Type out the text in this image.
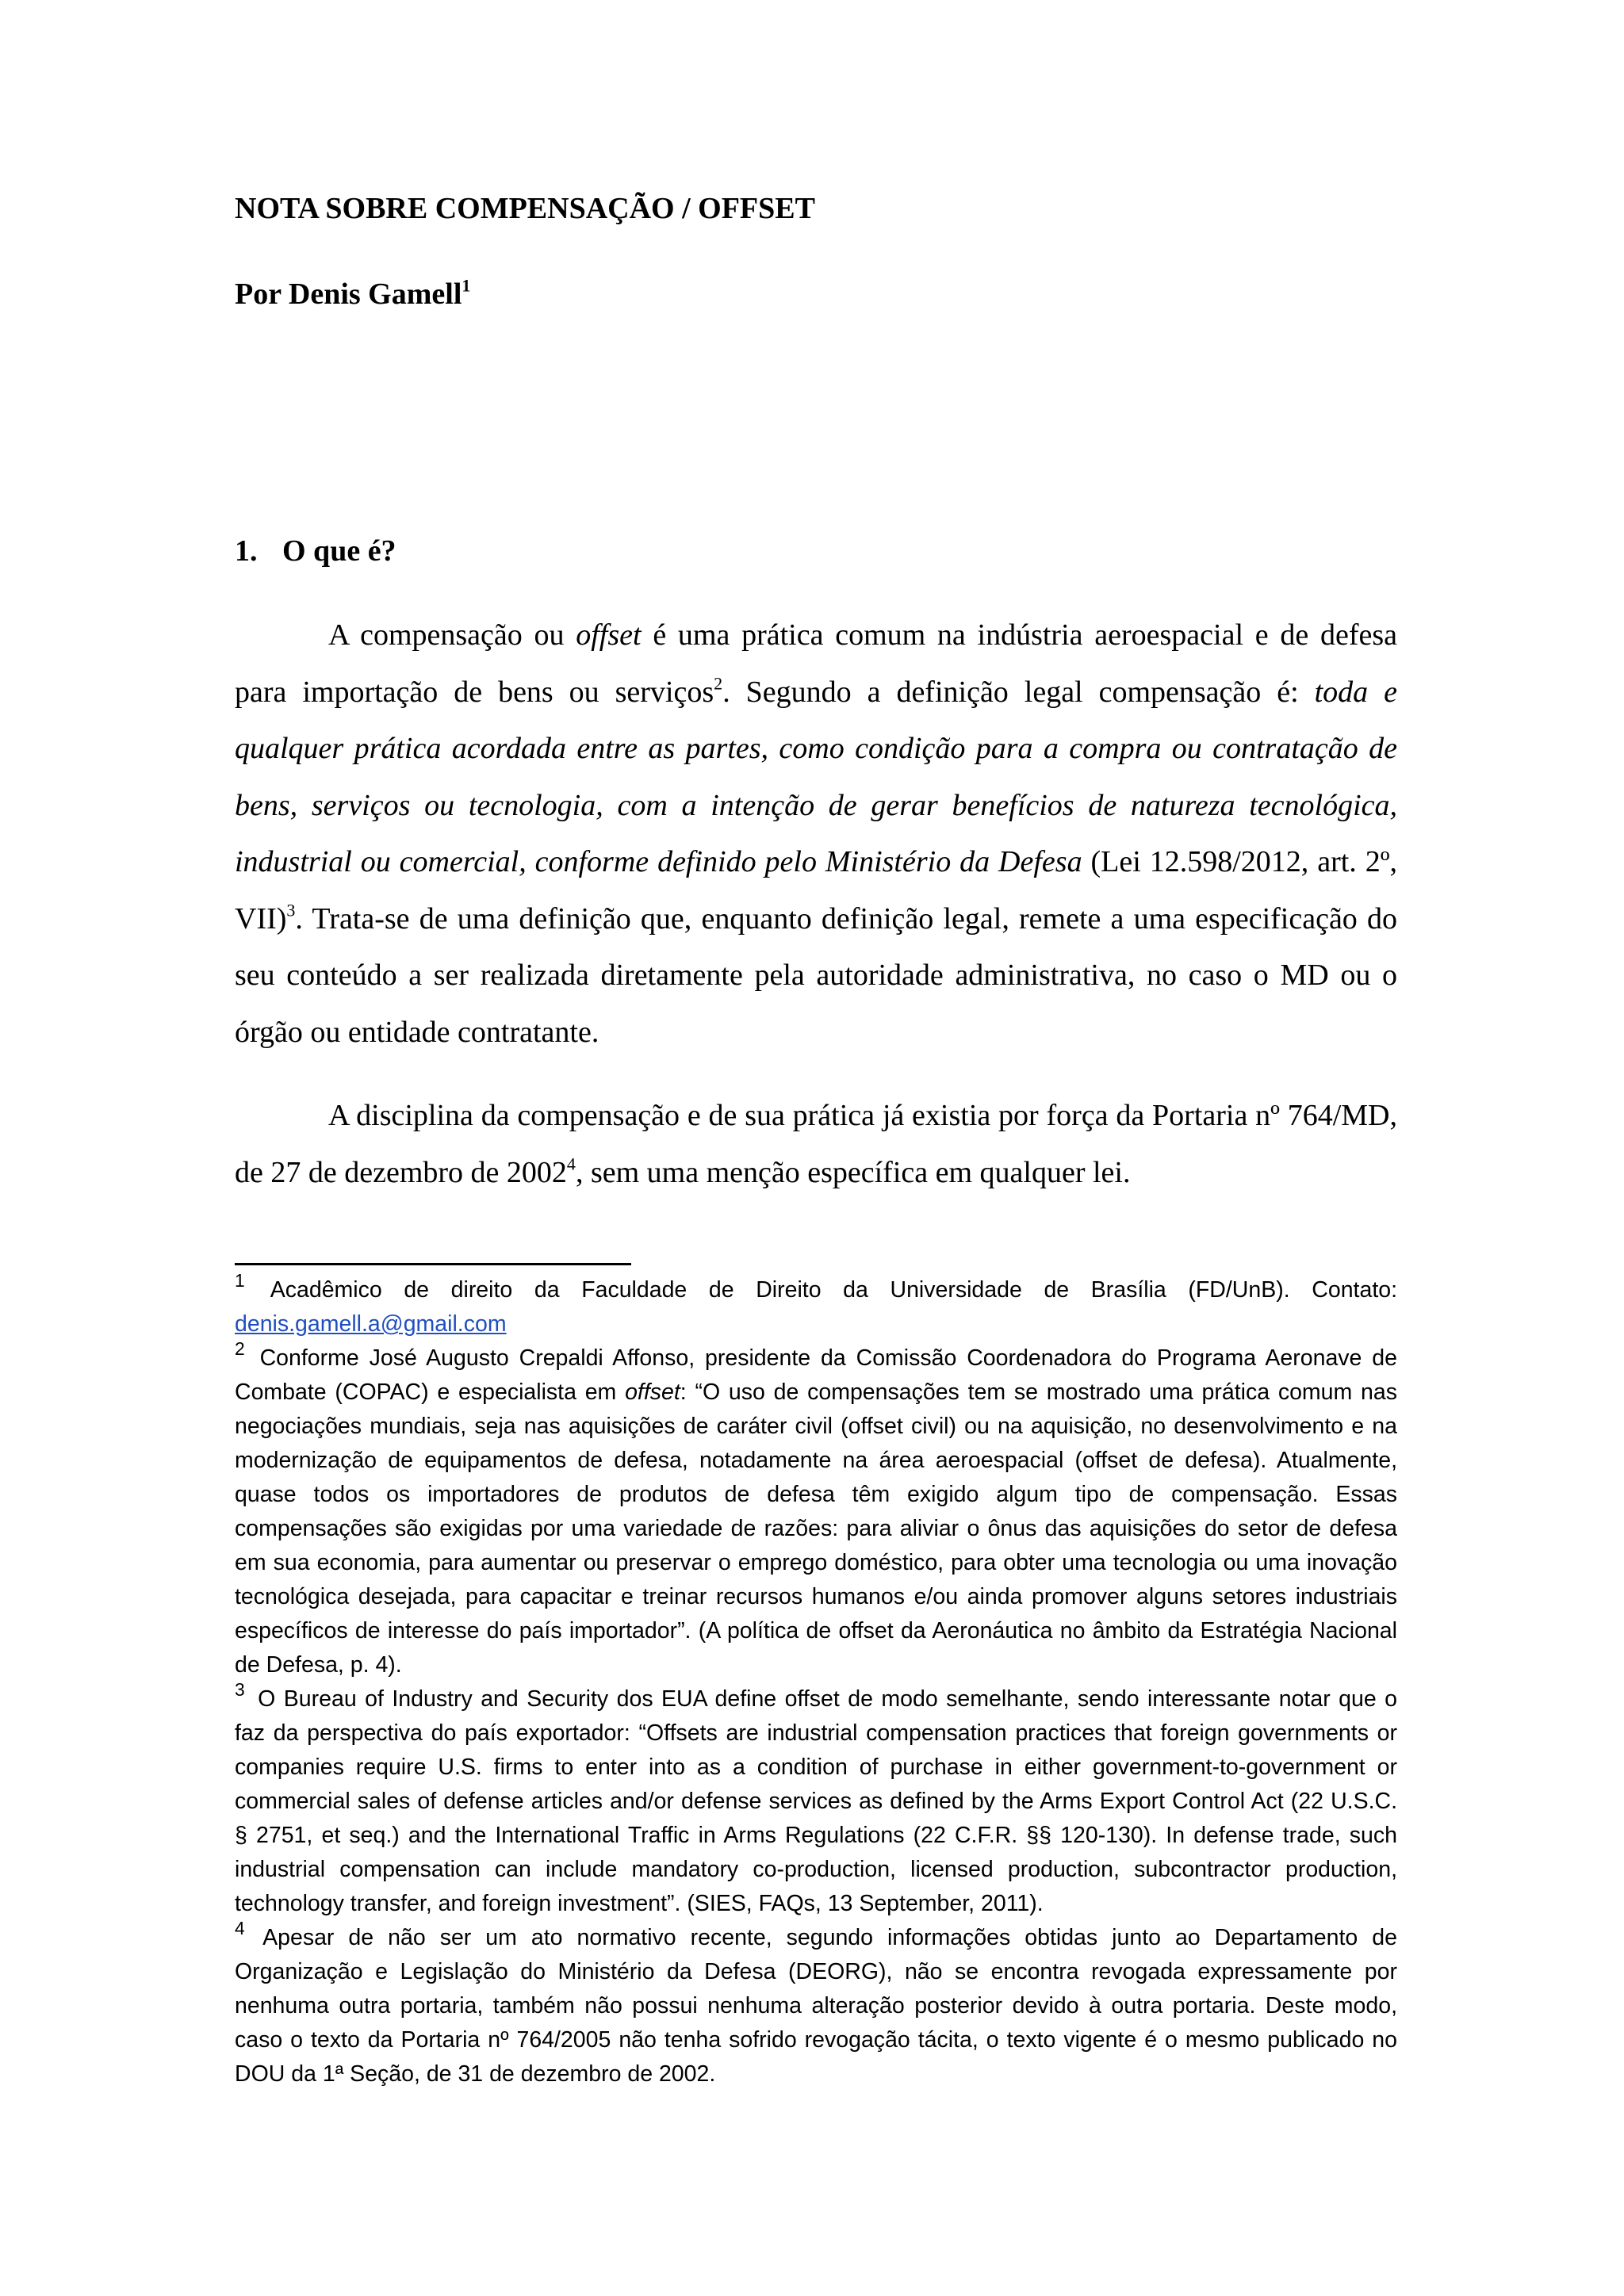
NOTA SOBRE COMPENSAÇÃO / OFFSET
Por Denis Gamell$^1$
1. O que é?

A compensação ou offset é uma prática comum na indústria aeroespacial e de defesa para importação de bens ou serviços$^2$. Segundo a definição legal compensação é: toda e qualquer prática acordada entre as partes, como condição para a compra ou contratação de bens, serviços ou tecnologia, com a intenção de gerar benefícios de natureza tecnológica, industrial ou comercial, conforme definido pelo Ministério da Defesa (Lei 12.598/2012, art. 2º, VII)$^3$. Trata-se de uma definição que, enquanto definição legal, remete a uma especificação do seu conteúdo a ser realizada diretamente pela autoridade administrativa, no caso o MD ou o órgão ou entidade contratante.

A disciplina da compensação e de sua prática já existia por força da Portaria nº 764/MD, de 27 de dezembro de 2002$^4$, sem uma menção específica em qualquer lei.

$^1$ Acadêmico de direito da Faculdade de Direito da Universidade de Brasília (FD/UnB). Contato: denis.gamell.a@gmail.com

$^2$ Conforme José Augusto Crepaldi Affonso, presidente da Comissão Coordenadora do Programa Aeronave de Combate (COPAC) e especialista em offset: “O uso de compensações tem se mostrado uma prática comum nas negociações mundiais, seja nas aquisições de caráter civil (offset civil) ou na aquisição, no desenvolvimento e na modernização de equipamentos de defesa, notadamente na área aeroespacial (offset de defesa). Atualmente, quase todos os importadores de produtos de defesa têm exigido algum tipo de compensação. Essas compensações são exigidas por uma variedade de razões: para aliviar o ônus das aquisições do setor de defesa em sua economia, para aumentar ou preservar o emprego doméstico, para obter uma tecnologia ou uma inovação tecnológica desejada, para capacitar e treinar recursos humanos e/ou ainda promover alguns setores industriais específicos de interesse do país importador”. (A política de offset da Aeronáutica no âmbito da Estratégia Nacional de Defesa, p. 4).

$^3$ O Bureau of Industry and Security dos EUA define offset de modo semelhante, sendo interessante notar que o faz da perspectiva do país exportador: “Offsets are industrial compensation practices that foreign governments or companies require U.S. firms to enter into as a condition of purchase in either government-to-government or commercial sales of defense articles and/or defense services as defined by the Arms Export Control Act (22 U.S.C. § 2751, et seq.) and the International Traffic in Arms Regulations (22 C.F.R. §§ 120-130). In defense trade, such industrial compensation can include mandatory co-production, licensed production, subcontractor production, technology transfer, and foreign investment”. (SIES, FAQs, 13 September, 2011).

$^4$ Apesar de não ser um ato normativo recente, segundo informações obtidas junto ao Departamento de Organização e Legislação do Ministério da Defesa (DEORG), não se encontra revogada expressamente por nenhuma outra portaria, também não possui nenhuma alteração posterior devido à outra portaria. Deste modo, caso o texto da Portaria nº 764/2005 não tenha sofrido revogação tácita, o texto vigente é o mesmo publicado no DOU da 1ª Seção, de 31 de dezembro de 2002.
